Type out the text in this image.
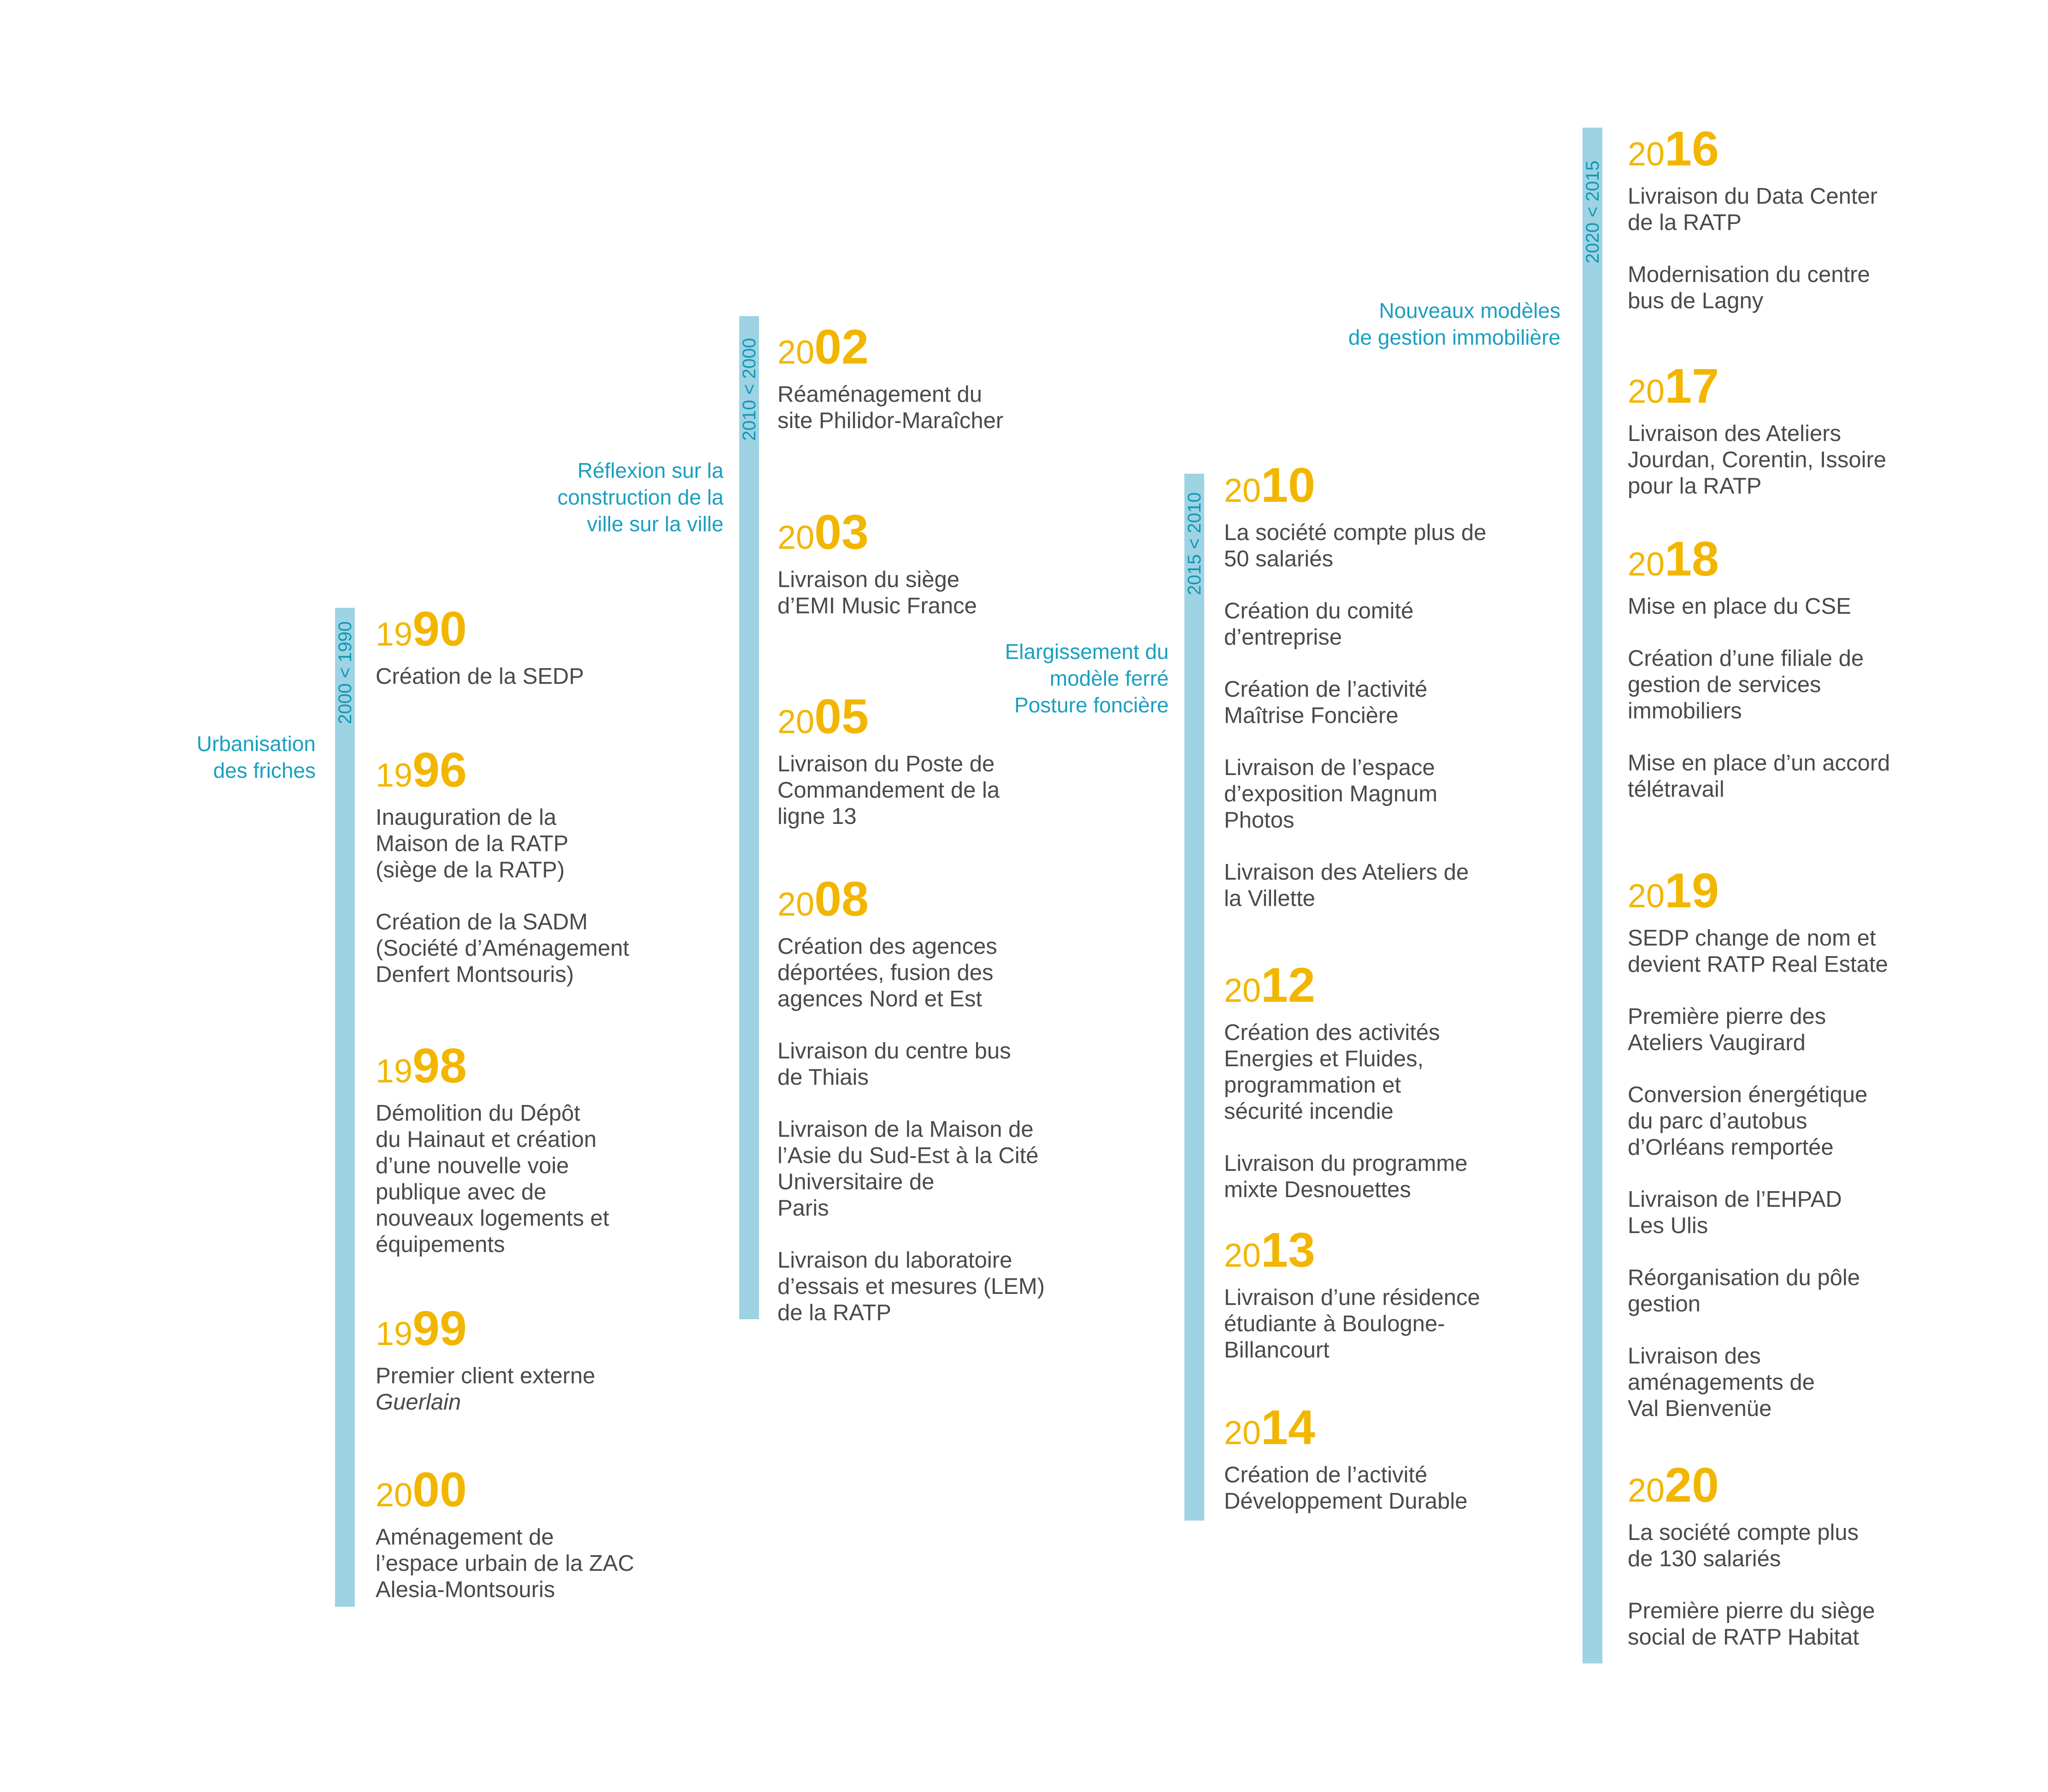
2000 < 1990
Urbanisation
des friches
1990

Création de la SEDP

1996

Inauguration de la
Maison de la RATP
(siège de la RATP)

Création de la SADM
(Société d’Aménagement
Denfert Montsouris)

1998

Démolition du Dépôt
du Hainaut et création
d’une nouvelle voie
publique avec de
nouveaux logements et
équipements

1999

Premier client externe

Guerlain

2000

Aménagement de
l’espace urbain de la ZAC
Alesia-Montsouris

2010 < 2000
Réflexion sur la
construction de la
ville sur la ville
2002

Réaménagement du
site Philidor-Maraîcher

2003

Livraison du siège
d’EMI Music France

2005

Livraison du Poste de
Commandement de la
ligne 13

2008

Création des agences
déportées, fusion des
agences Nord et Est

Livraison du centre bus
de Thiais

Livraison de la Maison de
l’Asie du Sud-Est à la Cité
Universitaire de
Paris

Livraison du laboratoire
d’essais et mesures (LEM)
de la RATP

2015 < 2010
Elargissement du
modèle ferré
Posture foncière
2010

La société compte plus de
50 salariés

Création du comité
d’entreprise

Création de l’activité
Maîtrise Foncière

Livraison de l’espace
d’exposition Magnum
Photos

Livraison des Ateliers de
la Villette

2012

Création des activités
Energies et Fluides,
programmation et
sécurité incendie

Livraison du programme
mixte Desnouettes

2013

Livraison d’une résidence
étudiante à Boulogne-
Billancourt

2014

Création de l’activité
Développement Durable

2020 < 2015
Nouveaux modèles
de gestion immobilière
2016

Livraison du Data Center
de la RATP

Modernisation du centre
bus de Lagny

2017

Livraison des Ateliers
Jourdan, Corentin, Issoire
pour la RATP

2018

Mise en place du CSE

Création d’une filiale de
gestion de services
immobiliers

Mise en place d’un accord
télétravail

2019

SEDP change de nom et
devient RATP Real Estate

Première pierre des
Ateliers Vaugirard

Conversion énergétique
du parc d’autobus
d’Orléans remportée

Livraison de l’EHPAD
Les Ulis

Réorganisation du pôle
gestion

Livraison des
aménagements de
Val Bienvenüe

2020

La société compte plus
de 130 salariés

Première pierre du siège
social de RATP Habitat
